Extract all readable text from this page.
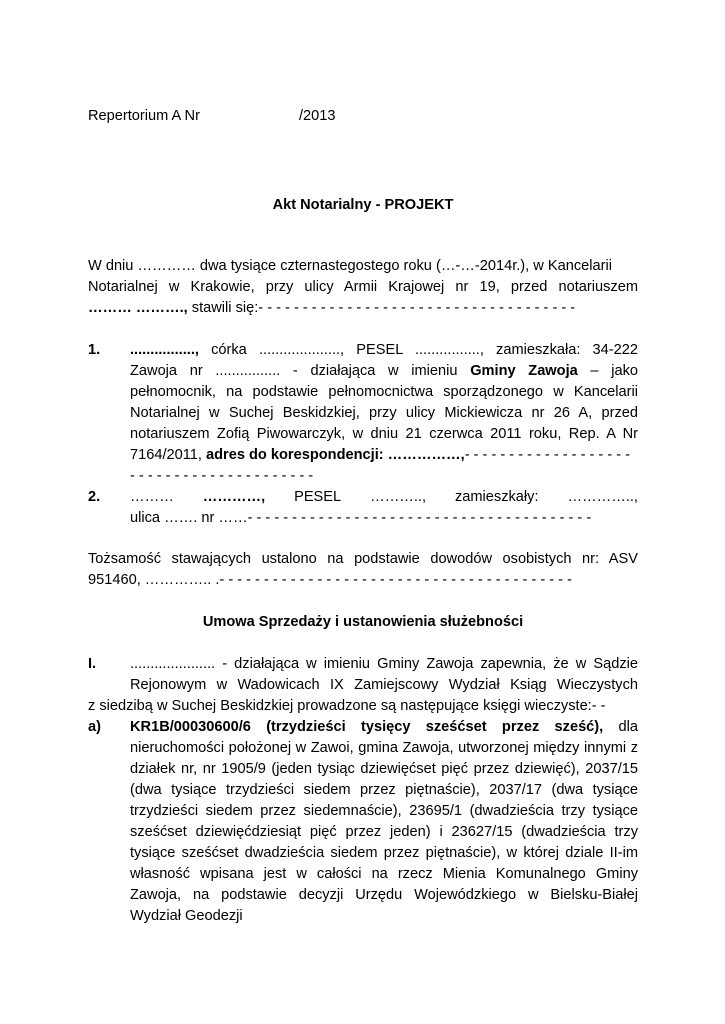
Repertorium A Nr	/2013

Akt Notarialny - PROJEKT

W dniu ………… dwa tysiące czternastegostego roku (…-…-2014r.), w Kancelarii
Notarialnej w Krakowie, przy ulicy Armii Krajowej nr 19, przed notariuszem
……… ………., stawili się:- - - - - - - - - - - - - - - - - - - - - - - - - - - - - - - - - - - -
1.	................, córka ...................., PESEL ................, zamieszkała: 34-222 Zawoja nr ................ - działająca w imieniu Gminy Zawoja – jako pełnomocnik, na podstawie pełnomocnictwa sporządzonego w Kancelarii Notarialnej w Suchej Beskidzkiej, przy ulicy Mickiewicza nr 26 A, przed notariuszem Zofią Piwowarczyk, w dniu 21 czerwca 2011 roku, Rep. A Nr 7164/2011, adres do korespondencji: ……………,- - - - - - - - - - - - - - - - - - -
- - - - - - - - - - - - - - - - - - - - -
2.	……… …………, PESEL ……….., zamieszkały: …………..,
ulica ……. nr ……- - - - - - - - - - - - - - - - - - - - - - - - - - - - - - - - - - - - - - -
Tożsamość stawających ustalono na podstawie dowodów osobistych nr: ASV
951460, ………….. .- - - - - - - - - - - - - - - - - - - - - - - - - - - - - - - - - - - - - - - -

Umowa Sprzedaży i ustanowienia służebności

I.	..................... - działająca w imieniu Gminy Zawoja zapewnia, że w Sądzie Rejonowym w Wadowicach IX Zamiejscowy Wydział Ksiąg Wieczystych
z siedzibą w Suchej Beskidzkiej prowadzone są następujące księgi wieczyste:- -
a)	KR1B/00030600/6 (trzydzieści tysięcy sześćset przez sześć), dla nieruchomości położonej w Zawoi, gmina Zawoja, utworzonej między innymi z działek nr, nr 1905/9 (jeden tysiąc dziewięćset pięć przez dziewięć), 2037/15 (dwa tysiące trzydzieści siedem przez piętnaście), 2037/17 (dwa tysiące trzydzieści siedem przez siedemnaście), 23695/1 (dwadzieścia trzy tysiące sześćset dziewięćdziesiąt pięć przez jeden) i 23627/15 (dwadzieścia trzy tysiące sześćset dwadzieścia siedem przez piętnaście), w której dziale II-im własność wpisana jest w całości na rzecz Mienia Komunalnego Gminy Zawoja, na podstawie decyzji Urzędu Wojewódzkiego w Bielsku-Białej Wydział Geodezji
